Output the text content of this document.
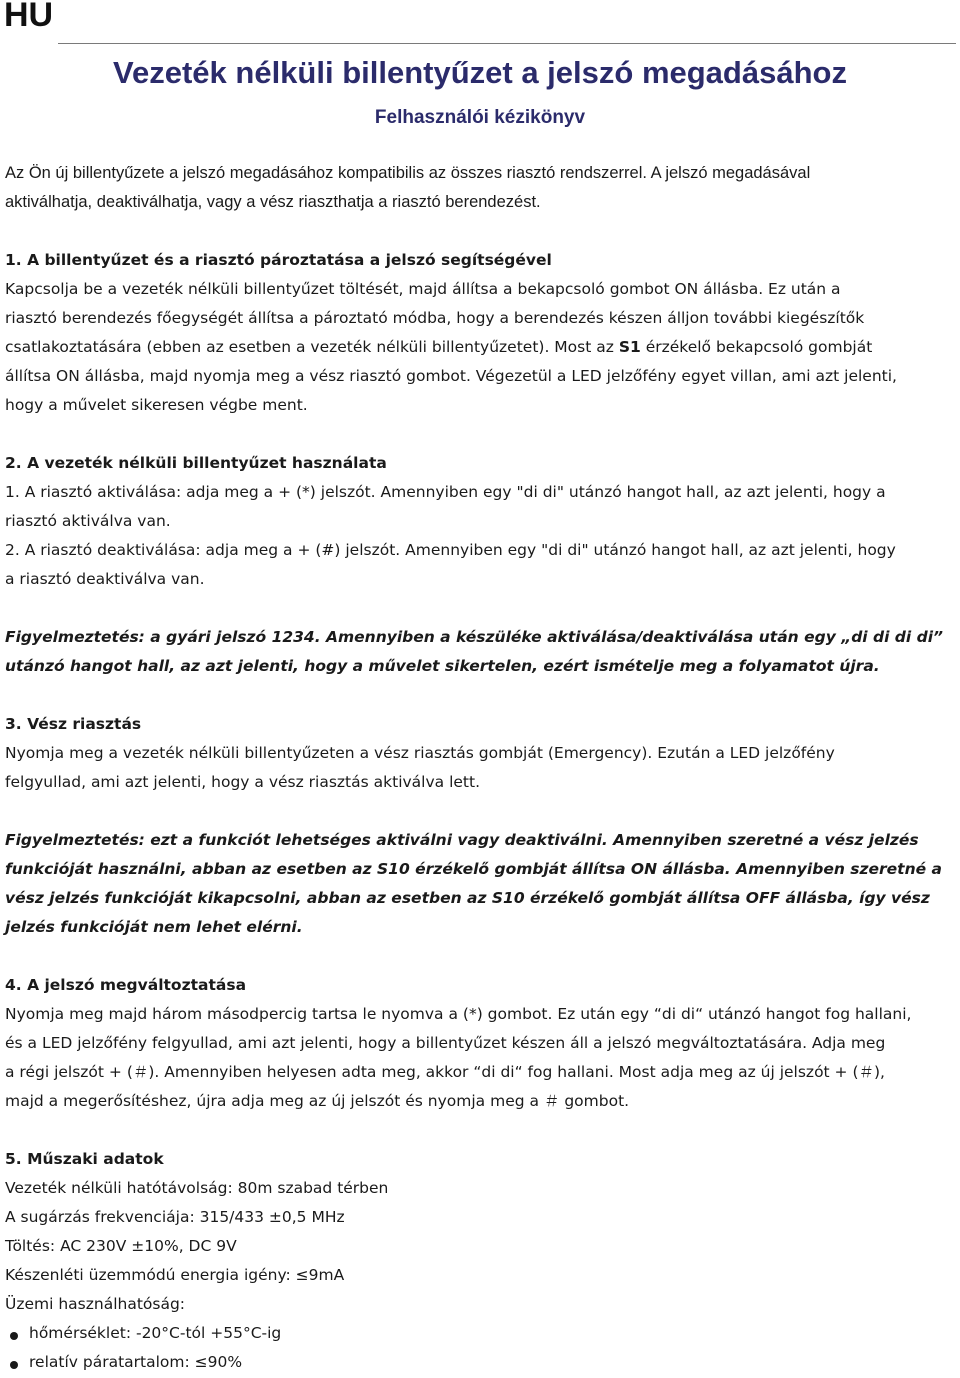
HU
Vezeték nélküli billentyűzet a jelszó megadásához
Felhasználói kézikönyv

Az Ön új billentyűzete a jelszó megadásához kompatibilis az összes riasztó rendszerrel. A jelszó megadásával

aktiválhatja, deaktiválhatja, vagy a vész riaszthatja a riasztó berendezést.

1. A billentyűzet és a riasztó pároztatása a jelszó segítségével

Kapcsolja be a vezeték nélküli billentyűzet töltését, majd állítsa a bekapcsoló gombot ON állásba. Ez után a

riasztó berendezés főegységét állítsa a pároztató módba, hogy a berendezés készen álljon további kiegészítők

csatlakoztatására (ebben az esetben a vezeték nélküli billentyűzetet). Most az S1 érzékelő bekapcsoló gombját

állítsa ON állásba, majd nyomja meg a vész riasztó gombot. Végezetül a LED jelzőfény egyet villan, ami azt jelenti,

hogy a művelet sikeresen végbe ment.

2. A vezeték nélküli billentyűzet használata

1. A riasztó aktiválása: adja meg a + (*) jelszót. Amennyiben egy "di di" utánzó hangot hall, az azt jelenti, hogy a

riasztó aktiválva van.

2. A riasztó deaktiválása: adja meg a + (#) jelszót. Amennyiben egy "di di" utánzó hangot hall, az azt jelenti, hogy

a riasztó deaktiválva van.

Figyelmeztetés: a gyári jelszó 1234. Amennyiben a készüléke aktiválása/deaktiválása után egy „di di di di”

utánzó hangot hall, az azt jelenti, hogy a művelet sikertelen, ezért ismételje meg a folyamatot újra.

3. Vész riasztás

Nyomja meg a vezeték nélküli billentyűzeten a vész riasztás gombját (Emergency). Ezután a LED jelzőfény

felgyullad, ami azt jelenti, hogy a vész riasztás aktiválva lett.

Figyelmeztetés: ezt a funkciót lehetséges aktiválni vagy deaktiválni. Amennyiben szeretné a vész jelzés

funkcióját használni, abban az esetben az S10 érzékelő gombját állítsa ON állásba. Amennyiben szeretné a

vész jelzés funkcióját kikapcsolni, abban az esetben az S10 érzékelő gombját állítsa OFF állásba, így vész

jelzés funkcióját nem lehet elérni.

4. A jelszó megváltoztatása

Nyomja meg majd három másodpercig tartsa le nyomva a (*) gombot. Ez után egy “di di“ utánzó hangot fog hallani,

és a LED jelzőfény felgyullad, ami azt jelenti, hogy a billentyűzet készen áll a jelszó megváltoztatására. Adja meg

a régi jelszót + (＃). Amennyiben helyesen adta meg, akkor “di di“ fog hallani. Most adja meg az új jelszót + (＃),

majd a megerősítéshez, újra adja meg az új jelszót és nyomja meg a ＃ gombot.

5. Műszaki adatok

Vezeték nélküli hatótávolság: 80m szabad térben

A sugárzás frekvenciája: 315/433 ±0,5 MHz

Töltés: AC 230V ±10%, DC 9V

Készenléti üzemmódú energia igény: ≤9mA

Üzemi használhatóság:

hőmérséklet: -20°C-tól +55°C-ig
relatív páratartalom: ≤90%
